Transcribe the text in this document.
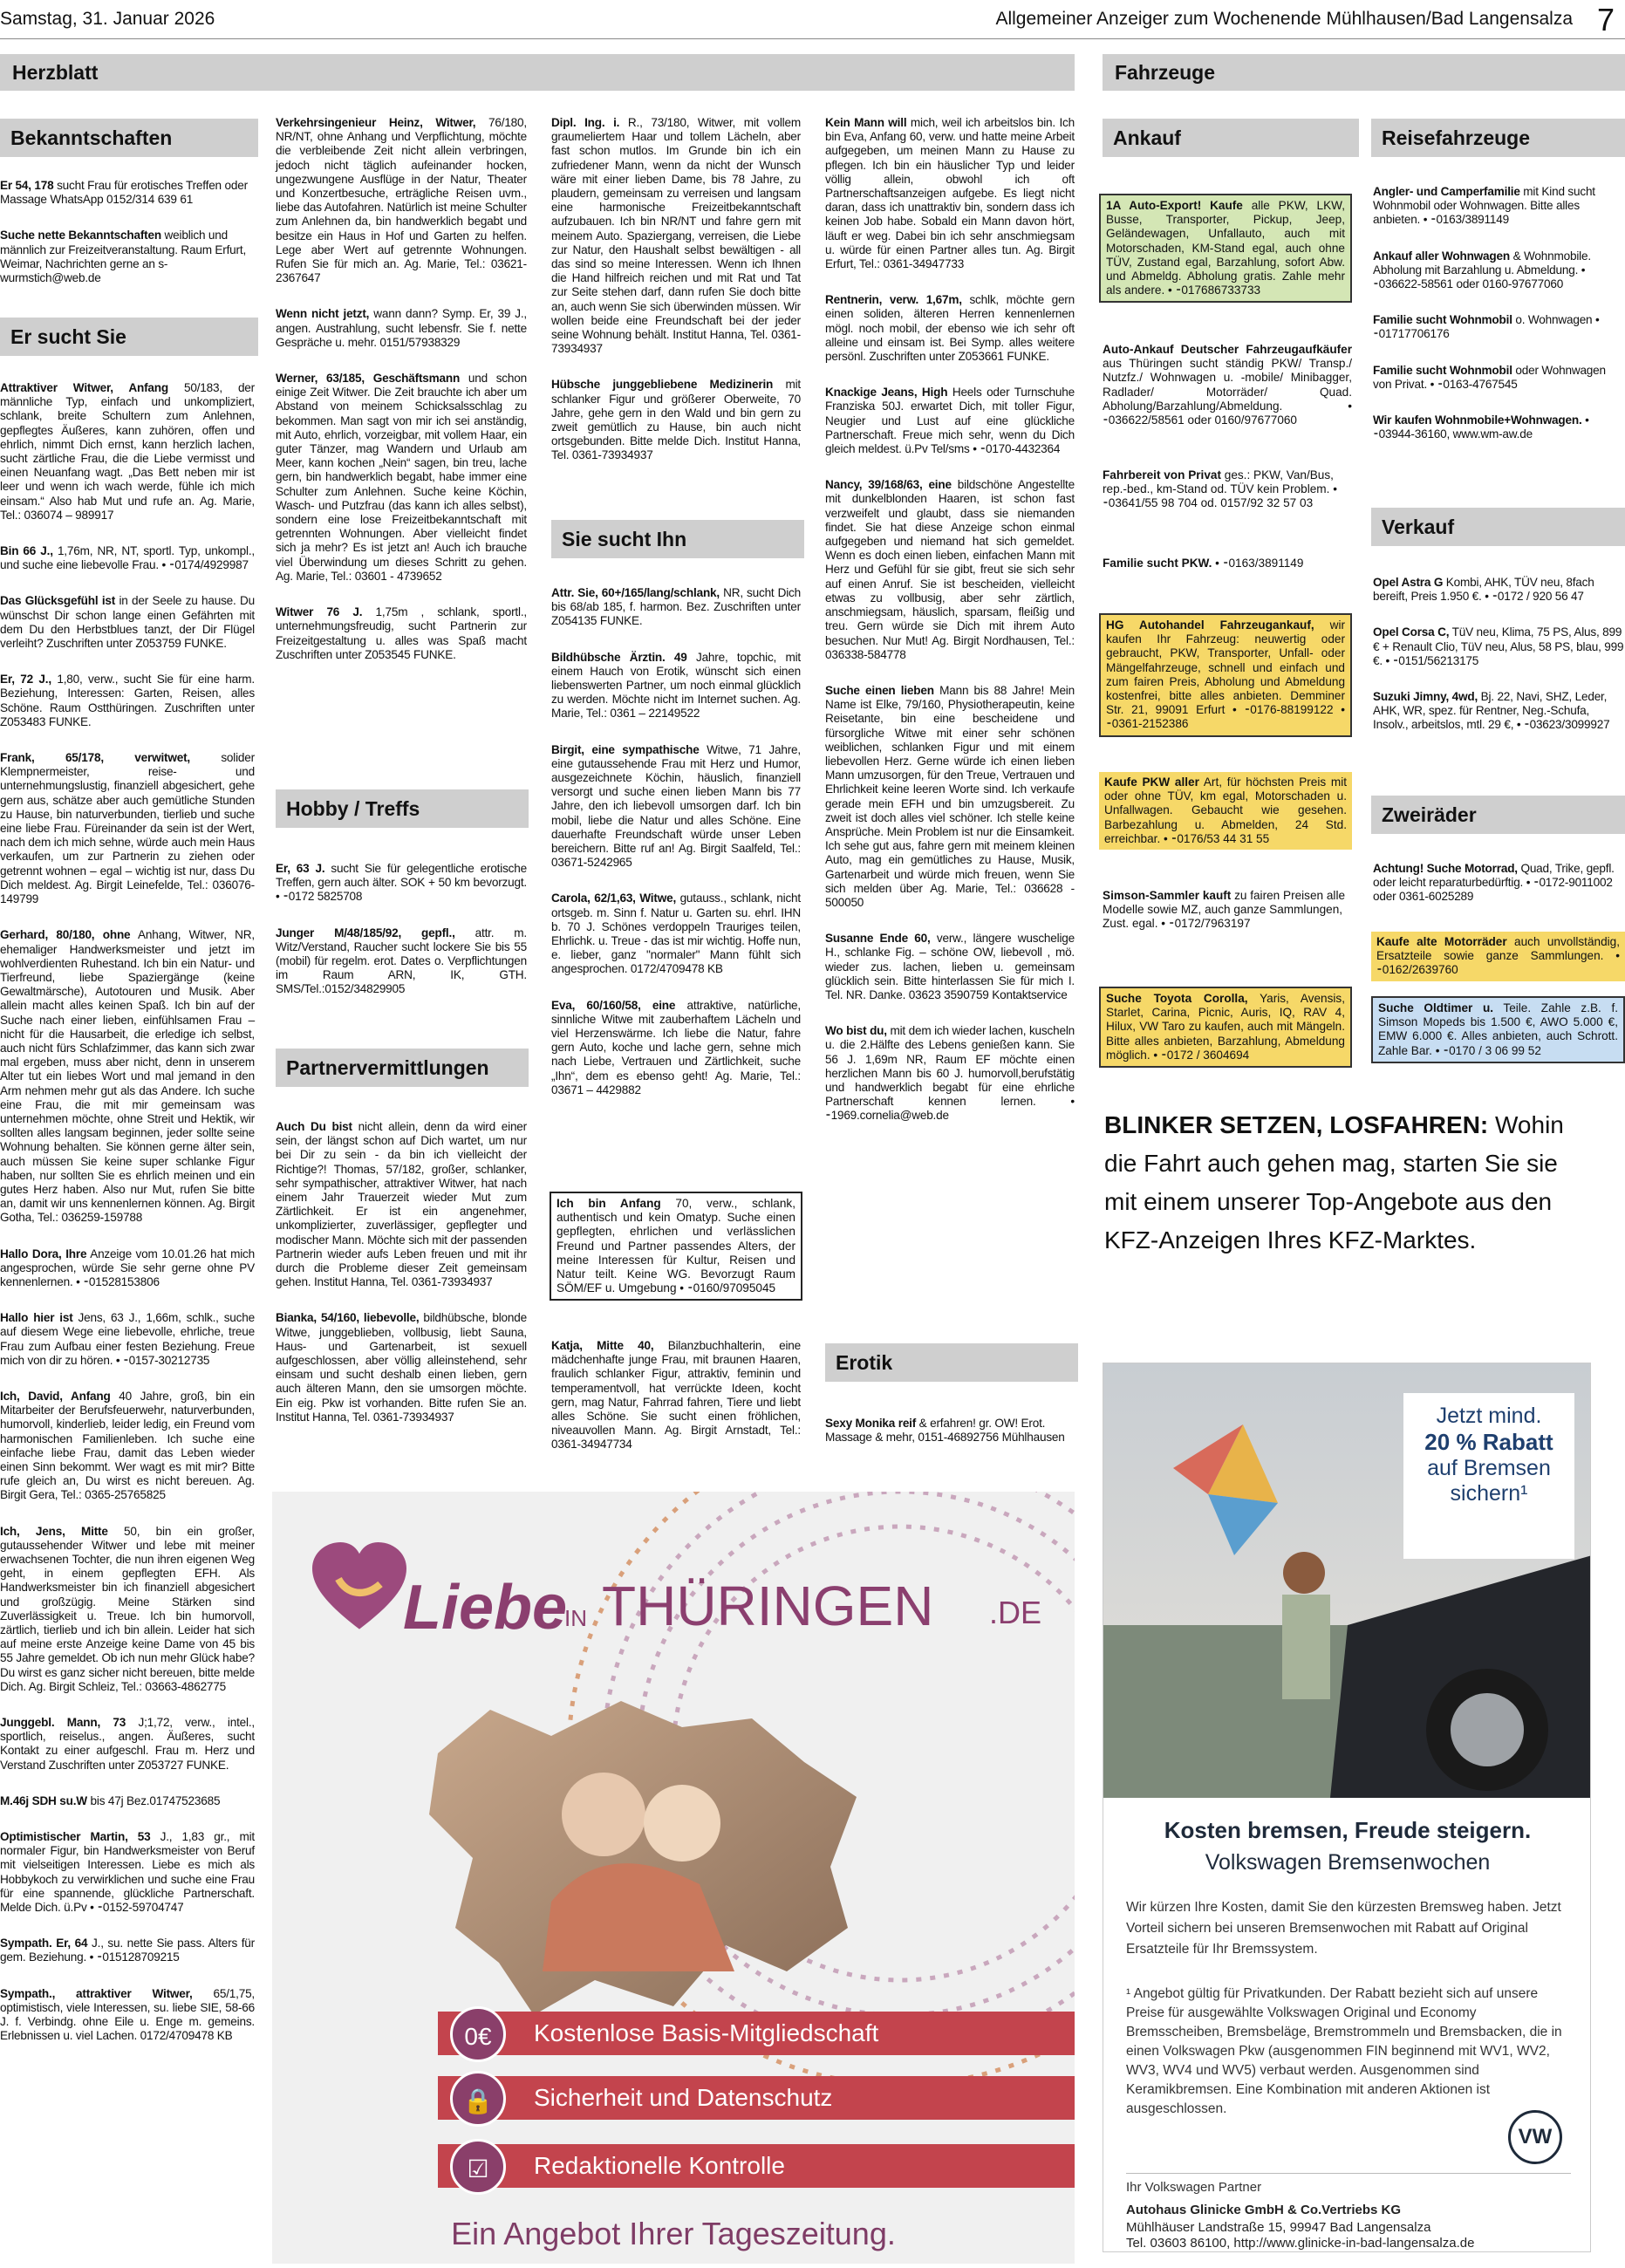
Samstag, 31. Januar 2026	Allgemeiner Anzeiger zum Wochenende Mühlhausen/Bad Langensalza 7
Herzblatt	Fahrzeuge
Bekanntschaften
Er 54, 178 sucht Frau für erotisches Treffen oder Massage WhatsApp 0152/314 639 61
Suche nette Bekanntschaften weiblich und männlich zur Freizeitveranstaltung. Raum Erfurt, Weimar, Nachrichten gerne an s-wurmstich@web.de
Er sucht Sie
Attraktiver Witwer, Anfang 50/183, der männliche Typ, einfach und unkompliziert, schlank, breite Schultern zum Anlehnen, gepflegtes Äußeres, kann zuhören, offen und ehrlich, nimmt Dich ernst, kann herzlich lachen, sucht zärtliche Frau, die die Liebe vermisst und einen Neuanfang wagt. „Das Bett neben mir ist leer und wenn ich wach werde, fühle ich mich einsam.“ Also hab Mut und rufe an. Ag. Marie, Tel.: 036074 – 989917
Bin 66 J., 1,76m, NR, NT, sportl. Typ, unkompl., und suche eine liebevolle Frau. • ⁃0174/4929987
Das Glücksgefühl ist in der Seele zu hause. Du wünschst Dir schon lange einen Gefährten mit dem Du den Herbstblues tanzt, der Dir Flügel verleiht? Zuschriften unter Z053759 FUNKE.
Er, 72 J., 1,80, verw., sucht Sie für eine harm. Beziehung, Interessen: Garten, Reisen, alles Schöne. Raum Ostthüringen. Zuschriften unter Z053483 FUNKE.
Frank, 65/178, verwitwet, solider Klempnermeister, reise- und unternehmungslustig, finanziell abgesichert, gehe gern aus, schätze aber auch gemütliche Stunden zu Hause, bin naturverbunden, tierlieb und suche eine liebe Frau. Füreinander da sein ist der Wert, nach dem ich mich sehne, würde auch mein Haus verkaufen, um zur Partnerin zu ziehen oder getrennt wohnen – egal – wichtig ist nur, dass Du Dich meldest. Ag. Birgit Leinefelde, Tel.: 036076-149799
Gerhard, 80/180, ohne Anhang, Witwer, NR, ehemaliger Handwerksmeister und jetzt im wohlverdienten Ruhestand. Ich bin ein Natur- und Tierfreund, liebe Spaziergänge (keine Gewaltmärsche), Autotouren und Musik. Aber allein macht alles keinen Spaß. Ich bin auf der Suche nach einer lieben, einfühlsamen Frau – nicht für die Hausarbeit, die erledige ich selbst, auch nicht fürs Schlafzimmer, das kann sich zwar mal ergeben, muss aber nicht, denn in unserem Alter tut ein liebes Wort und mal jemand in den Arm nehmen mehr gut als das Andere. Ich suche eine Frau, die mit mir gemeinsam was unternehmen möchte, ohne Streit und Hektik, wir sollten alles langsam beginnen, jeder sollte seine Wohnung behalten. Sie können gerne älter sein, auch müssen Sie keine super schlanke Figur haben, nur sollten Sie es ehrlich meinen und ein gutes Herz haben. Also nur Mut, rufen Sie bitte an, damit wir uns kennenlernen können. Ag. Birgit Gotha, Tel.: 036259-159788
Hallo Dora, Ihre Anzeige vom 10.01.26 hat mich angesprochen, würde Sie sehr gerne ohne PV kennenlernen. • ⁃01528153806
Hallo hier ist Jens, 63 J., 1,66m, schlk., suche auf diesem Wege eine liebevolle, ehrliche, treue Frau zum Aufbau einer festen Beziehung. Freue mich von dir zu hören. • ⁃0157-30212735
Ich, David, Anfang 40 Jahre, groß, bin ein Mitarbeiter der Berufsfeuerwehr, naturverbunden, humorvoll, kinderlieb, leider ledig, ein Freund vom harmonischen Familienleben. Ich suche eine einfache liebe Frau, damit das Leben wieder einen Sinn bekommt. Wer wagt es mit mir? Bitte rufe gleich an, Du wirst es nicht bereuen. Ag. Birgit Gera, Tel.: 0365-25765825
Ich, Jens, Mitte 50, bin ein großer, gutaussehender Witwer und lebe mit meiner erwachsenen Tochter, die nun ihren eigenen Weg geht, in einem gepflegten EFH. Als Handwerksmeister bin ich finanziell abgesichert und großzügig. Meine Stärken sind Zuverlässigkeit u. Treue. Ich bin humorvoll, zärtlich, tierlieb und ich bin allein. Leider hat sich auf meine erste Anzeige keine Dame von 45 bis 55 Jahre gemeldet. Ob ich nun mehr Glück habe? Du wirst es ganz sicher nicht bereuen, bitte melde Dich. Ag. Birgit Schleiz, Tel.: 03663-4862775
Junggebl. Mann, 73 J;1,72, verw., intel., sportlich, reiselus., angen. Äußeres, sucht Kontakt zu einer aufgeschl. Frau m. Herz und Verstand Zuschriften unter Z053727 FUNKE.
M.46j SDH su.W bis 47j Bez.01747523685
Optimistischer Martin, 53 J., 1,83 gr., mit normaler Figur, bin Handwerksmeister von Beruf mit vielseitigen Interessen. Liebe es mich als Hobbykoch zu verwirklichen und suche eine Frau für eine spannende, glückliche Partnerschaft. Melde Dich. ü.Pv • ⁃0152-59704747
Sympath. Er, 64 J., su. nette Sie pass. Alters für gem. Beziehung. • ⁃015128709215
Sympath., attraktiver Witwer, 65/1,75, optimistisch, viele Interessen, su. liebe SIE, 58-66 J. f. Verbindg. ohne Eile u. Enge m. gemeins. Erlebnissen u. viel Lachen. 0172/4709478 KB
Verkehrsingenieur Heinz, Witwer, 76/180, NR/NT, ohne Anhang und Verpflichtung, möchte die verbleibende Zeit nicht allein verbringen, jedoch nicht täglich aufeinander hocken, ungezwungene Ausflüge in der Natur, Theater und Konzertbesuche, erträgliche Reisen uvm., liebe das Autofahren. Natürlich ist meine Schulter zum Anlehnen da, bin handwerklich begabt und besitze ein Haus in Hof und Garten zu helfen. Lege aber Wert auf getrennte Wohnungen. Rufen Sie für mich an. Ag. Marie, Tel.: 03621-2367647
Wenn nicht jetzt, wann dann? Symp. Er, 39 J., angen. Austrahlung, sucht lebensfr. Sie f. nette Gespräche u. mehr. 0151/57938329
Werner, 63/185, Geschäftsmann und schon einige Zeit Witwer. Die Zeit brauchte ich aber um Abstand von meinem Schicksalsschlag zu bekommen. Man sagt von mir ich sei anständig, mit Auto, ehrlich, vorzeigbar, mit vollem Haar, ein guter Tänzer, mag Wandern und Urlaub am Meer, kann kochen „Nein“ sagen, bin treu, lache gern, bin handwerklich begabt, habe immer eine Schulter zum Anlehnen. Suche keine Köchin, Wasch- und Putzfrau (das kann ich alles selbst), sondern eine lose Freizeitbekanntschaft mit getrennten Wohnungen. Aber vielleicht findet sich ja mehr? Es ist jetzt an! Auch ich brauche viel Überwindung um dieses Schritt zu gehen. Ag. Marie, Tel.: 03601 - 4739652
Witwer 76 J. 1,75m , schlank, sportl., unternehmungsfreudig, sucht Partnerin zur Freizeitgestaltung u. alles was Spaß macht Zuschriften unter Z053545 FUNKE.
Hobby / Treffs
Er, 63 J. sucht Sie für gelegentliche erotische Treffen, gern auch älter. SOK + 50 km bevorzugt. • ⁃0172 5825708
Junger M/48/185/92, gepfl., attr. m. Witz/Verstand, Raucher sucht lockere Sie bis 55 (mobil) für regelm. erot. Dates o. Verpflichtungen im Raum ARN, IK, GTH. SMS/Tel.:0152/34829905
Partnervermittlungen
Auch Du bist nicht allein, denn da wird einer sein, der längst schon auf Dich wartet, um nur bei Dir zu sein - da bin ich vielleicht der Richtige?! Thomas, 57/182, großer, schlanker, sehr sympathischer, attraktiver Witwer, hat nach einem Jahr Trauerzeit wieder Mut zum Zärtlichkeit. Er ist ein angenehmer, unkomplizierter, zuverlässiger, gepflegter und modischer Mann. Möchte sich mit der passenden Partnerin wieder aufs Leben freuen und mit ihr durch die Probleme dieser Zeit gemeinsam gehen. Institut Hanna, Tel. 0361-73934937
Bianka, 54/160, liebevolle, bildhübsche, blonde Witwe, junggeblieben, vollbusig, liebt Sauna, Haus- und Gartenarbeit, ist sexuell aufgeschlossen, aber völlig alleinstehend, sehr einsam und sucht deshalb einen lieben, gern auch älteren Mann, den sie umsorgen möchte. Ein eig. Pkw ist vorhanden. Bitte rufen Sie an. Institut Hanna, Tel. 0361-73934937
Dipl. Ing. i. R., 73/180, Witwer, mit vollem graumeliertem Haar und tollem Lächeln, aber fast schon mutlos. Im Grunde bin ich ein zufriedener Mann, wenn da nicht der Wunsch wäre mit einer lieben Dame, bis 78 Jahre, zu plaudern, gemeinsam zu verreisen und langsam eine harmonische Freizeitbekanntschaft aufzubauen. Ich bin NR/NT und fahre gern mit meinem Auto. Spaziergang, verreisen, die Liebe zur Natur, den Haushalt selbst bewältigen - all das sind so meine Interessen. Wenn ich Ihnen die Hand hilfreich reichen und mit Rat und Tat zur Seite stehen darf, dann rufen Sie doch bitte an, auch wenn Sie sich überwinden müssen. Wir wollen beide eine Freundschaft bei der jeder seine Wohnung behält. Institut Hanna, Tel. 0361-73934937
Hübsche junggebliebene Medizinerin mit schlanker Figur und größerer Oberweite, 70 Jahre, gehe gern in den Wald und bin gern zu zweit gemütlich zu Hause, bin auch nicht ortsgebunden. Bitte melde Dich. Institut Hanna, Tel. 0361-73934937
Sie sucht Ihn
Attr. Sie, 60+/165/lang/schlank, NR, sucht Dich bis 68/ab 185, f. harmon. Bez. Zuschriften unter Z054135 FUNKE.
Bildhübsche Ärztin. 49 Jahre, topchic, mit einem Hauch von Erotik, wünscht sich einen liebenswerten Partner, um noch einmal glücklich zu werden. Möchte nicht im Internet suchen. Ag. Marie, Tel.: 0361 – 22149522
Birgit, eine sympathische Witwe, 71 Jahre, eine gutaussehende Frau mit Herz und Humor, ausgezeichnete Köchin, häuslich, finanziell versorgt und suche einen lieben Mann bis 77 Jahre, den ich liebevoll umsorgen darf. Ich bin mobil, liebe die Natur und alles Schöne. Eine dauerhafte Freundschaft würde unser Leben bereichern. Bitte ruf an! Ag. Birgit Saalfeld, Tel.: 03671-5242965
Carola, 62/1,63, Witwe, gutauss., schlank, nicht ortsgeb. m. Sinn f. Natur u. Garten su. ehrl. IHN b. 70 J. Schönes verdoppeln Trauriges teilen, Ehrlichk. u. Treue - das ist mir wichtig. Hoffe nun, e. lieber, ganz "normaler" Mann fühlt sich angesprochen. 0172/4709478 KB
Eva, 60/160/58, eine attraktive, natürliche, sinnliche Witwe mit zauberhaftem Lächeln und viel Herzenswärme. Ich liebe die Natur, fahre gern Auto, koche und lache gern, sehne mich nach Liebe, Vertrauen und Zärtlichkeit, suche „Ihn“, dem es ebenso geht! Ag. Marie, Tel.: 03671 – 4429882
Ich bin Anfang 70, verw., schlank, authentisch und kein Omatyp. Suche einen gepflegten, ehrlichen und verlässlichen Freund und Partner passendes Alters, der meine Interessen für Kultur, Reisen und Natur teilt. Keine WG. Bevorzugt Raum SÖM/EF u. Umgebung • ⁃0160/97095045
Katja, Mitte 40, Bilanzbuchhalterin, eine mädchenhafte junge Frau, mit braunen Haaren, fraulich schlanker Figur, attraktiv, feminin und temperamentvoll, hat verrückte Ideen, kocht gern, mag Natur, Fahrrad fahren, Tiere und liebt alles Schöne. Sie sucht einen fröhlichen, niveauvollen Mann. Ag. Birgit Arnstadt, Tel.: 0361-34947734
Kein Mann will mich, weil ich arbeitslos bin. Ich bin Eva, Anfang 60, verw. und hatte meine Arbeit aufgegeben, um meinen Mann zu Hause zu pflegen. Ich bin ein häuslicher Typ und leider völlig allein, obwohl ich oft Partnerschaftsanzeigen aufgebe. Es liegt nicht daran, dass ich unattraktiv bin, sondern dass ich keinen Job habe. Sobald ein Mann davon hört, läuft er weg. Dabei bin ich sehr anschmiegsam u. würde für einen Partner alles tun. Ag. Birgit Erfurt, Tel.: 0361-34947733
Rentnerin, verw. 1,67m, schlk, möchte gern einen soliden, älteren Herren kennenlernen mögl. noch mobil, der ebenso wie ich sehr oft alleine und einsam ist. Bei Symp. alles weitere persönl. Zuschriften unter Z053661 FUNKE.
Knackige Jeans, High Heels oder Turnschuhe Franziska 50J. erwartet Dich, mit toller Figur, Neugier und Lust auf eine glückliche Partnerschaft. Freue mich sehr, wenn du Dich gleich meldest. ü.Pv Tel/sms • ⁃0170-4432364
Nancy, 39/168/63, eine bildschöne Angestellte mit dunkelblonden Haaren, ist schon fast verzweifelt und glaubt, dass sie niemanden findet. Sie hat diese Anzeige schon einmal aufgegeben und niemand hat sich gemeldet. Wenn es doch einen lieben, einfachen Mann mit Herz und Gefühl für sie gibt, freut sie sich sehr auf einen Anruf. Sie ist bescheiden, vielleicht etwas zu vollbusig, aber sehr zärtlich, anschmiegsam, häuslich, sparsam, fleißig und treu. Gern würde sie Dich mit ihrem Auto besuchen. Nur Mut! Ag. Birgit Nordhausen, Tel.: 036338-584778
Suche einen lieben Mann bis 88 Jahre! Mein Name ist Elke, 79/160, Physiotherapeutin, keine Reisetante, bin eine bescheidene und fürsorgliche Witwe mit einer sehr schönen weiblichen, schlanken Figur und mit einem liebevollen Herz. Gerne würde ich einen lieben Mann umzusorgen, für den Treue, Vertrauen und Ehrlichkeit keine leeren Worte sind. Ich verkaufe gerade mein EFH und bin umzugsbereit. Zu zweit ist doch alles viel schöner. Ich stelle keine Ansprüche. Mein Problem ist nur die Einsamkeit. Ich sehe gut aus, fahre gern mit meinem kleinen Auto, mag ein gemütliches zu Hause, Musik, Gartenarbeit und würde mich freuen, wenn Sie sich melden über Ag. Marie, Tel.: 036628 - 500050
Susanne Ende 60, verw., längere wuschelige H., schlanke Fig. – schöne OW, liebevoll , mö. wieder zus. lachen, lieben u. gemeinsam glücklich sein. Bitte hinterlassen Sie für mich I. Tel. NR. Danke. 03623 3590759 Kontaktservice
Wo bist du, mit dem ich wieder lachen, kuscheln u. die 2.Hälfte des Lebens genießen kann. Sie 56 J. 1,69m NR, Raum EF möchte einen herzlichen Mann bis 60 J. humorvoll,berufstätig und handwerklich begabt für eine ehrliche Partnerschaft kennen lernen. • ⁃1969.cornelia@web.de
Erotik
Sexy Monika reif & erfahren! gr. OW! Erot. Massage & mehr, 0151-46892756 Mühlhausen
Ankauf	Reisefahrzeuge
1A Auto-Export! Kaufe alle PKW, LKW, Busse, Transporter, Pickup, Jeep, Geländewagen, Unfallauto, auch mit Motorschaden, KM-Stand egal, auch ohne TÜV, Zustand egal, Barzahlung, sofort Abw. und Abmeldg. Abholung gratis. Zahle mehr als andere. • ⁃017686733733
Auto-Ankauf Deutscher Fahrzeugaufkäufer aus Thüringen sucht ständig PKW/ Transp./ Nutzfz./ Wohnwagen u. -mobile/ Minibagger, Radlader/ Motorräder/ Quad. Abholung/Barzahlung/Abmeldung. • ⁃036622/58561 oder 0160/97677060
Fahrbereit von Privat ges.: PKW, Van/Bus, rep.-bed., km-Stand od. TÜV kein Problem. • ⁃03641/55 98 704 od. 0157/92 32 57 03
Familie sucht PKW. • ⁃0163/3891149
HG Autohandel Fahrzeugankauf, wir kaufen Ihr Fahrzeug: neuwertig oder gebraucht, PKW, Transporter, Unfall- oder Mängelfahrzeuge, schnell und einfach und zum fairen Preis, Abholung und Abmeldung kostenfrei, bitte alles anbieten. Demminer Str. 21, 99091 Erfurt • ⁃0176-88199122 • ⁃0361-2152386
Kaufe PKW aller Art, für höchsten Preis mit oder ohne TÜV, km egal, Motorschaden u. Unfallwagen. Gebaucht wie gesehen. Barbezahlung u. Abmelden, 24 Std. erreichbar. • ⁃0176/53 44 31 55
Simson-Sammler kauft zu fairen Preisen alle Modelle sowie MZ, auch ganze Sammlungen, Zust. egal. • ⁃0172/7963197
Suche Toyota Corolla, Yaris, Avensis, Starlet, Carina, Picnic, Auris, IQ, RAV 4, Hilux, VW Taro zu kaufen, auch mit Mängeln. Bitte alles anbieten, Barzahlung, Abmeldung möglich. • ⁃0172 / 3604694
Angler- und Camperfamilie mit Kind sucht Wohnmobil oder Wohnwagen. Bitte alles anbieten. • ⁃0163/3891149
Ankauf aller Wohnwagen & Wohnmobile. Abholung mit Barzahlung u. Abmeldung. • ⁃036622-58561 oder 0160-97677060
Familie sucht Wohnmobil o. Wohnwagen • ⁃01717706176
Familie sucht Wohnmobil oder Wohnwagen von Privat. • ⁃0163-4767545
Wir kaufen Wohnmobile+Wohnwagen. • ⁃03944-36160, www.wm-aw.de
Verkauf
Opel Astra G Kombi, AHK, TÜV neu, 8fach bereift, Preis 1.950 €. • ⁃0172 / 920 56 47
Opel Corsa C, TüV neu, Klima, 75 PS, Alus, 899 € + Renault Clio, TüV neu, Alus, 58 PS, blau, 999 €. • ⁃0151/56213175
Suzuki Jimny, 4wd, Bj. 22, Navi, SHZ, Leder, AHK, WR, spez. für Rentner, Neg.-Schufa, Insolv., arbeitslos, mtl. 29 €, • ⁃03623/3099927
Zweiräder
Achtung! Suche Motorrad, Quad, Trike, gepfl. oder leicht reparaturbedürftig. • ⁃0172-9011002 oder 0361-6025289
Kaufe alte Motorräder auch unvollständig, Ersatzteile sowie ganze Sammlungen. • ⁃0162/2639760
Suche Oldtimer u. Teile. Zahle z.B. f. Simson Mopeds bis 1.500 €, AWO 5.000 €, EMW 6.000 €. Alles anbieten, auch Schrott. Zahle Bar. • ⁃0170 / 3 06 99 52
BLINKER SETZEN, LOSFAHREN: Wohin die Fahrt auch gehen mag, starten Sie sie mit einem unserer Top-Angebote aus den KFZ-Anzeigen Ihres KFZ-Marktes.
Liebe
IN THÜRINGEN .DE
0€	Kostenlose Basis-Mitgliedschaft
🔒	Sicherheit und Datenschutz
☑	Redaktionelle Kontrolle
Ein Angebot Ihrer Tageszeitung.
Jetzt mind.
20 % Rabatt
auf Bremsen
sichern¹
Kosten bremsen, Freude steigern.
Volkswagen Bremsenwochen
Wir kürzen Ihre Kosten, damit Sie den kürzesten Bremsweg haben. Jetzt Vorteil sichern bei unseren Bremsenwochen mit Rabatt auf Original Ersatzteile für Ihr Bremssystem.
¹ Angebot gültig für Privatkunden. Der Rabatt bezieht sich auf unsere Preise für ausgewählte Volkswagen Original und Economy Bremsscheiben, Bremsbeläge, Bremstrommeln und Bremsbacken, die in einen Volkswagen Pkw (ausgenommen FIN beginnend mit WV1, WV2, WV3, WV4 und WV5) verbaut werden. Ausgenommen sind Keramikbremsen. Eine Kombination mit anderen Aktionen ist ausgeschlossen.
VW
Ihr Volkswagen Partner
Autohaus Glinicke GmbH & Co.Vertriebs KG
Mühlhäuser Landstraße 15, 99947 Bad Langensalza
Tel. 03603 86100, http://www.glinicke-in-bad-langensalza.de
